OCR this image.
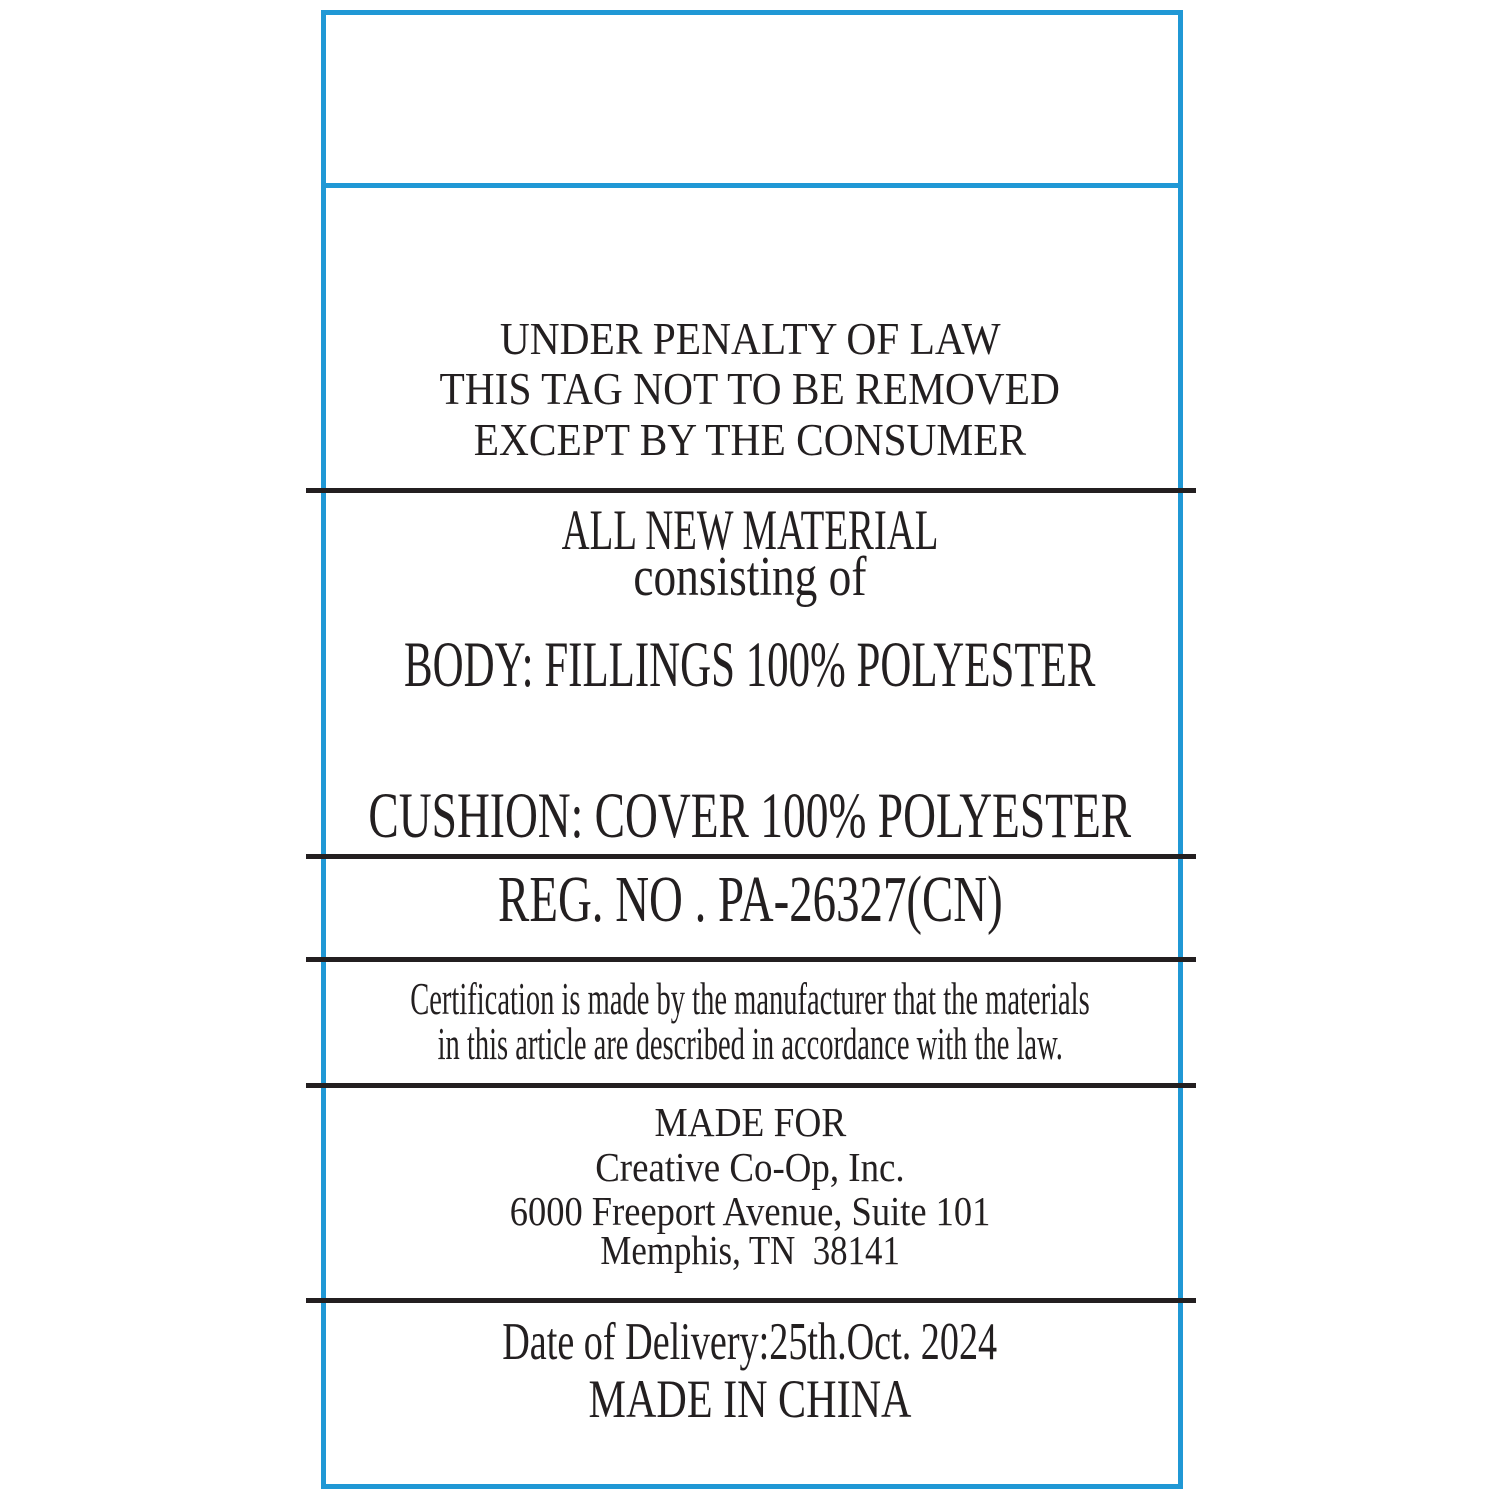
UNDER PENALTY OF LAW
THIS TAG NOT TO BE REMOVED
EXCEPT BY THE CONSUMER
ALL NEW MATERIAL
consisting of
BODY: FILLINGS 100% POLYESTER
CUSHION: COVER 100% POLYESTER
REG. NO . PA-26327(CN)
Certification is made by the manufacturer that the materials
in this article are described in accordance with the law.
MADE FOR
Creative Co-Op, Inc.
6000 Freeport Avenue, Suite 101
Memphis, TN  38141
Date of Delivery:25th.Oct. 2024
MADE IN CHINA
